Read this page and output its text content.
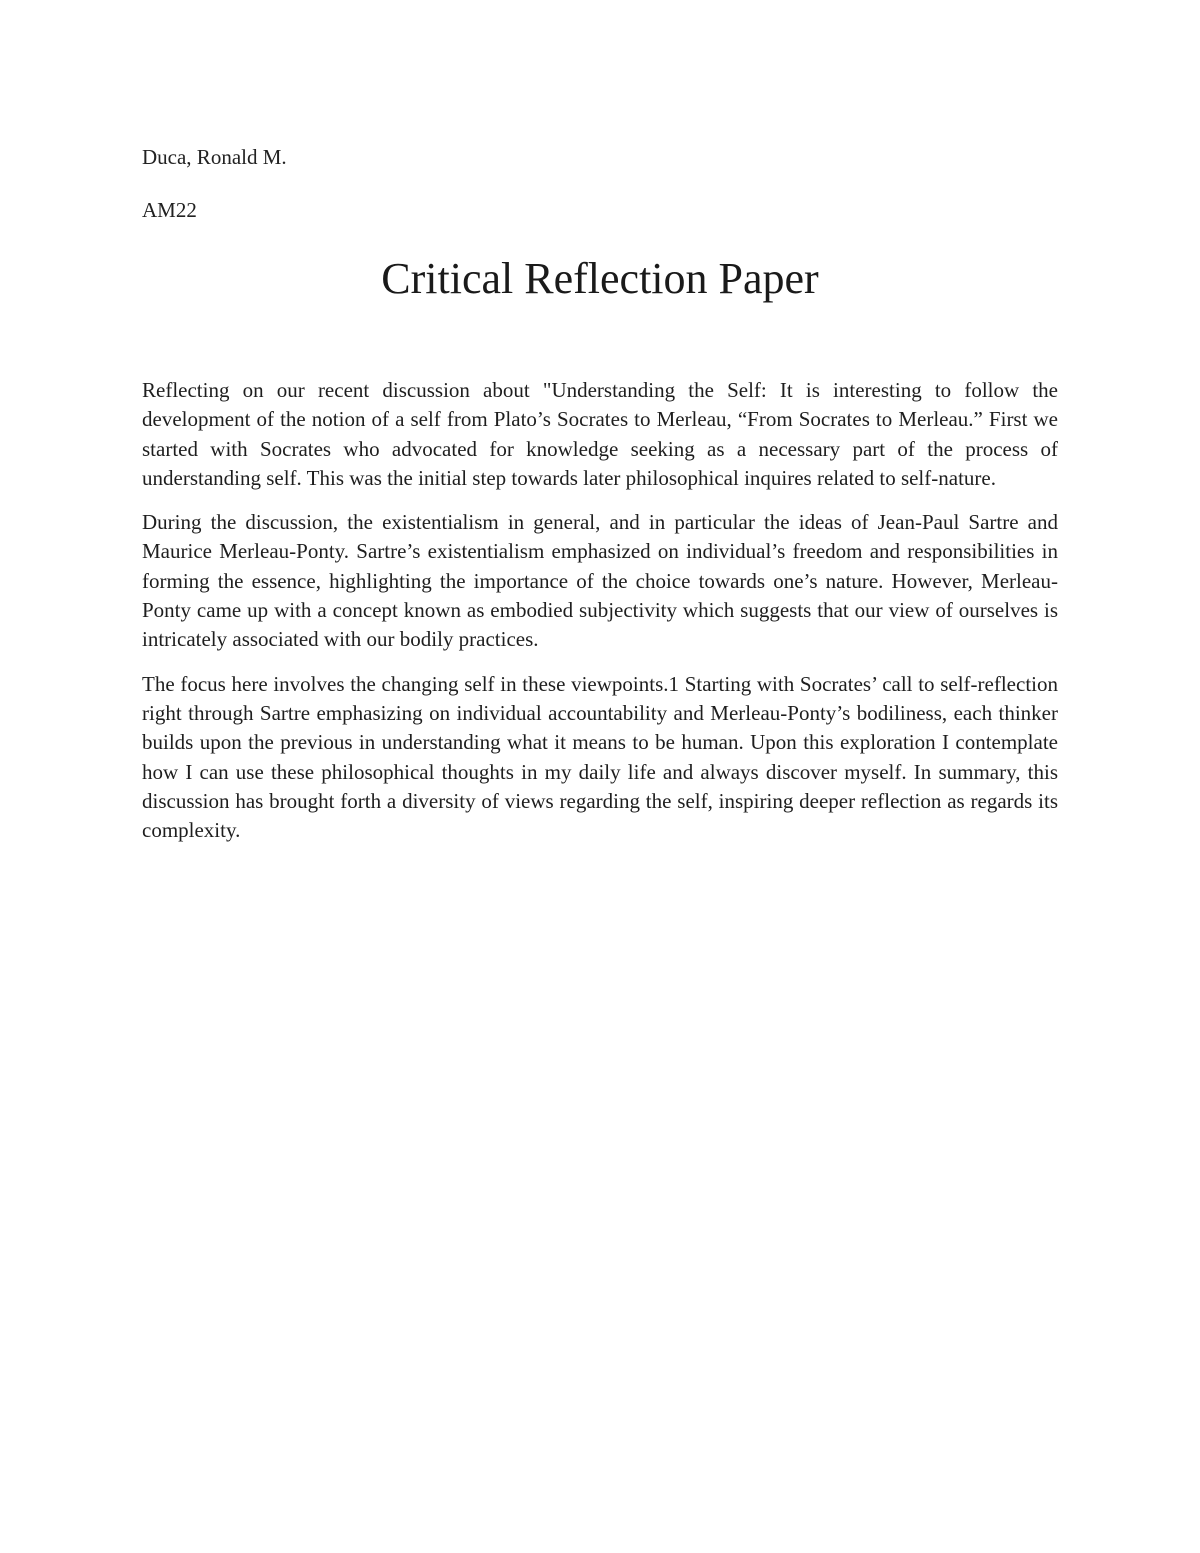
Duca, Ronald M.

AM22

Critical Reflection Paper

Reflecting on our recent discussion about "Understanding the Self: It is interesting to follow the development of the notion of a self from Plato’s Socrates to Merleau, “From Socrates to Merleau.” First we started with Socrates who advocated for knowledge seeking as a necessary part of the process of understanding self. This was the initial step towards later philosophical inquires related to self-nature.

During the discussion, the existentialism in general, and in particular the ideas of Jean-Paul Sartre and Maurice Merleau-Ponty. Sartre’s existentialism emphasized on individual’s freedom and responsibilities in forming the essence, highlighting the importance of the choice towards one’s nature. However, Merleau-Ponty came up with a concept known as embodied subjectivity which suggests that our view of ourselves is intricately associated with our bodily practices.

The focus here involves the changing self in these viewpoints.1 Starting with Socrates’ call to self-reflection right through Sartre emphasizing on individual accountability and Merleau-Ponty’s bodiliness, each thinker builds upon the previous in understanding what it means to be human. Upon this exploration I contemplate how I can use these philosophical thoughts in my daily life and always discover myself. In summary, this discussion has brought forth a diversity of views regarding the self, inspiring deeper reflection as regards its complexity.
